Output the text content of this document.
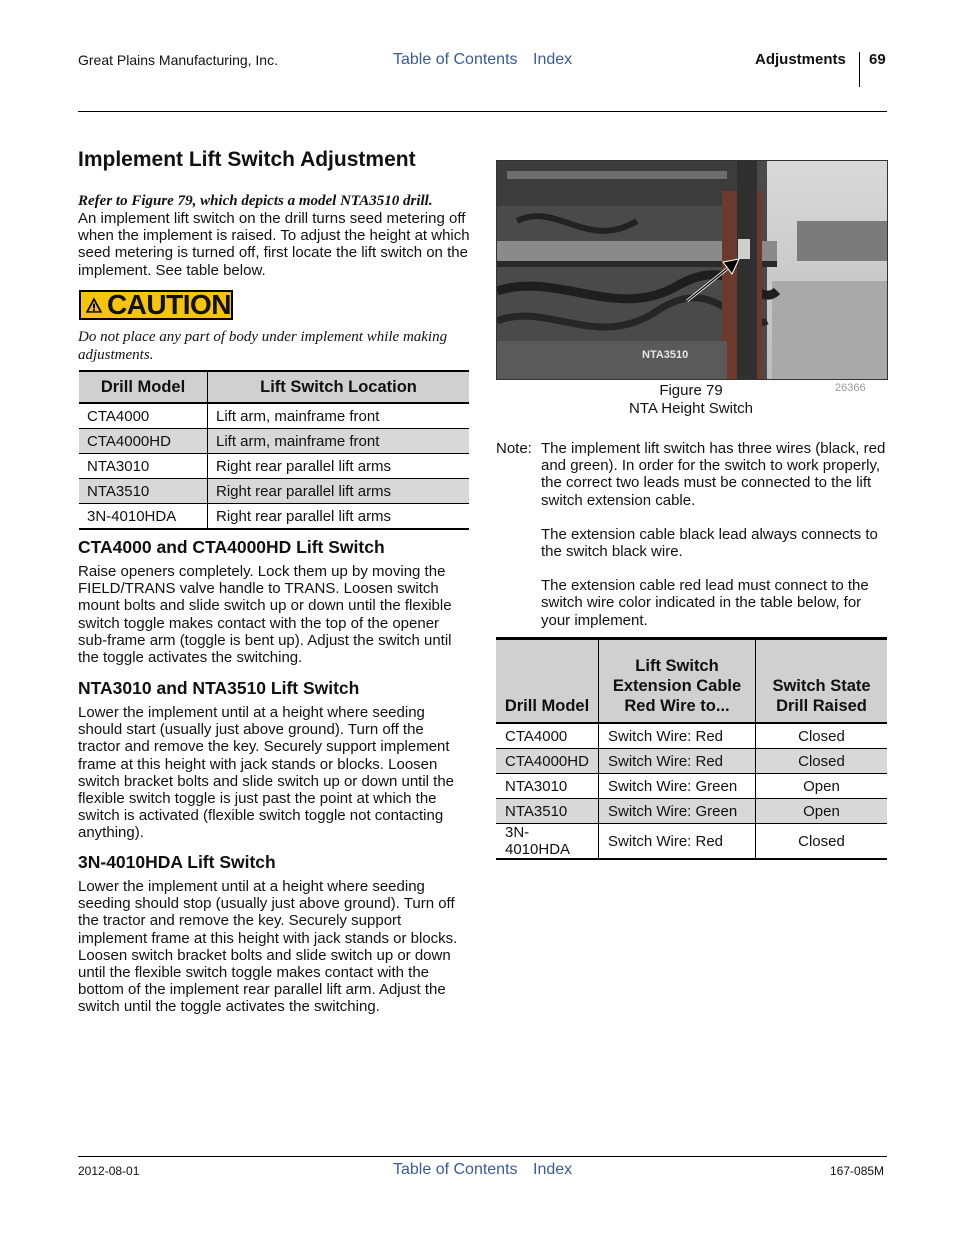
Great Plains Manufacturing, Inc.	Table of Contents Index	Adjustments 69
Implement Lift Switch Adjustment
Refer to Figure 79, which depicts a model NTA3510 drill.
An implement lift switch on the drill turns seed metering off when the implement is raised. To adjust the height at which seed metering is turned off, first locate the lift switch on the implement. See table below.
CAUTION
Do not place any part of body under implement while making adjustments.
Drill Model	Lift Switch Location
CTA4000	Lift arm, mainframe front
CTA4000HD	Lift arm, mainframe front
NTA3010	Right rear parallel lift arms
NTA3510	Right rear parallel lift arms
3N-4010HDA	Right rear parallel lift arms

CTA4000 and CTA4000HD Lift Switch

Raise openers completely. Lock them up by moving the FIELD/TRANS valve handle to TRANS. Loosen switch mount bolts and slide switch up or down until the flexible switch toggle makes contact with the top of the opener sub-frame arm (toggle is bent up). Adjust the switch until the toggle activates the switching.

NTA3010 and NTA3510 Lift Switch

Lower the implement until at a height where seeding should start (usually just above ground). Turn off the tractor and remove the key. Securely support implement frame at this height with jack stands or blocks. Loosen switch bracket bolts and slide switch up or down until the flexible switch toggle is just past the point at which the switch is activated (flexible switch toggle not contacting anything).

3N-4010HDA Lift Switch

Lower the implement until at a height where seeding seeding should stop (usually just above ground). Turn off the tractor and remove the key. Securely support implement frame at this height with jack stands or blocks. Loosen switch bracket bolts and slide switch up or down until the flexible switch toggle makes contact with the bottom of the implement rear parallel lift arm. Adjust the switch until the toggle activates the switching.
NTA3510
Figure 79
NTA Height Switch
26366
Note: The implement lift switch has three wires (black, red and green). In order for the switch to work properly, the correct two leads must be connected to the lift switch extension cable.
The extension cable black lead always connects to the switch black wire.
The extension cable red lead must connect to the switch wire color indicated in the table below, for your implement.
Drill Model	Lift Switch Extension Cable Red Wire to...	Switch State Drill Raised
CTA4000	Switch Wire: Red	Closed
CTA4000HD	Switch Wire: Red	Closed
NTA3010	Switch Wire: Green	Open
NTA3510	Switch Wire: Green	Open
3N-4010HDA	Switch Wire: Red	Closed
2012-08-01	Table of Contents Index	167-085M
